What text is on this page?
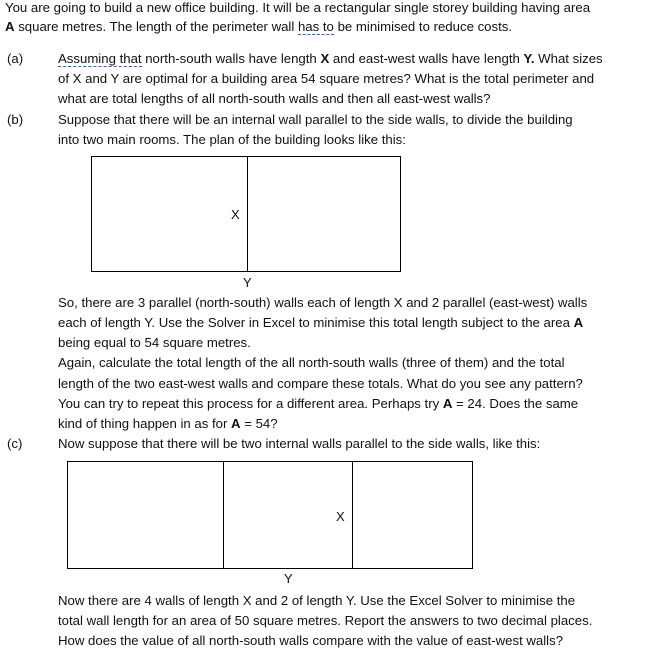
You are going to build a new office building. It will be a rectangular single storey building having area
A square metres. The length of the perimeter wall has to be minimised to reduce costs.
(a)	Assuming that north-south walls have length X and east-west walls have length Y. What sizes
of X and Y are optimal for a building area 54 square metres? What is the total perimeter and
what are total lengths of all north-south walls and then all east-west walls?
(b)	Suppose that there will be an internal wall parallel to the side walls, to divide the building
into two main rooms. The plan of the building looks like this:
X
Y
So, there are 3 parallel (north-south) walls each of length X and 2 parallel (east-west) walls
each of length Y. Use the Solver in Excel to minimise this total length subject to the area A
being equal to 54 square metres.
Again, calculate the total length of the all north-south walls (three of them) and the total
length of the two east-west walls and compare these totals. What do you see any pattern?
You can try to repeat this process for a different area. Perhaps try A = 24. Does the same
kind of thing happen in as for A = 54?
(c)	Now suppose that there will be two internal walls parallel to the side walls, like this:
X
Y
Now there are 4 walls of length X and 2 of length Y. Use the Excel Solver to minimise the
total wall length for an area of 50 square metres. Report the answers to two decimal places.
How does the value of all north-south walls compare with the value of east-west walls?
